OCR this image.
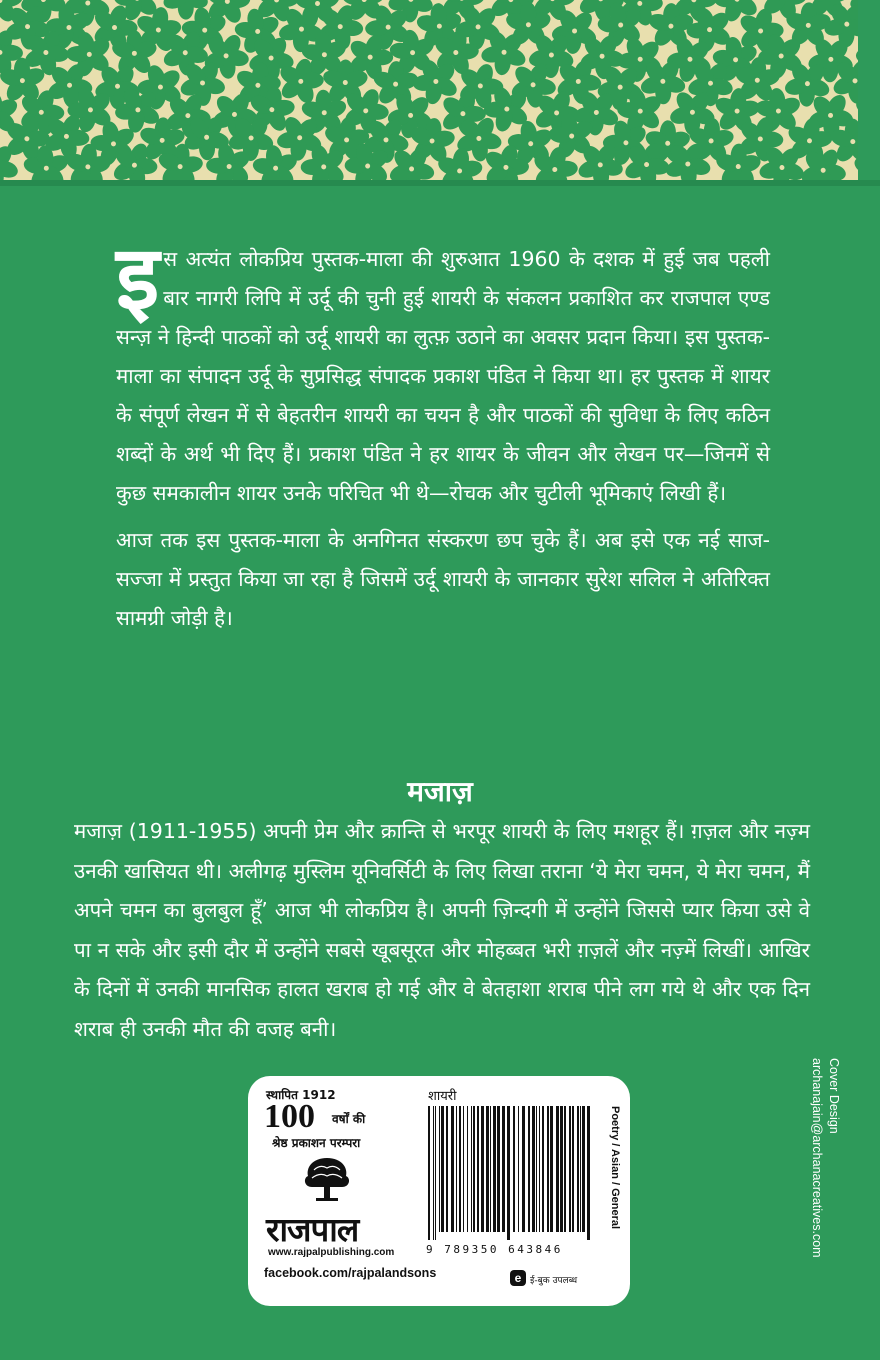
इस अत्यंत लोकप्रिय पुस्तक-माला की शुरुआत 1960 के दशक में हुई जब पहली बार नागरी लिपि में उर्दू की चुनी हुई शायरी के संकलन प्रकाशित कर राजपाल एण्ड सन्ज़ ने हिन्दी पाठकों को उर्दू शायरी का लुत्फ़ उठाने का अवसर प्रदान किया। इस पुस्तक-माला का संपादन उर्दू के सुप्रसिद्ध संपादक प्रकाश पंडित ने किया था। हर पुस्तक में शायर के संपूर्ण लेखन में से बेहतरीन शायरी का चयन है और पाठकों की सुविधा के लिए कठिन शब्दों के अर्थ भी दिए हैं। प्रकाश पंडित ने हर शायर के जीवन और लेखन पर—जिनमें से कुछ समकालीन शायर उनके परिचित भी थे—रोचक और चुटीली भूमिकाएं लिखी हैं।

आज तक इस पुस्तक-माला के अनगिनत संस्करण छप चुके हैं। अब इसे एक नई साज-सज्जा में प्रस्तुत किया जा रहा है जिसमें उर्दू शायरी के जानकार सुरेश सलिल ने अतिरिक्त सामग्री जोड़ी है।

मजाज़

मजाज़ (1911-1955) अपनी प्रेम और क्रान्ति से भरपूर शायरी के लिए मशहूर हैं। ग़ज़ल और नज़्म उनकी खासियत थी। अलीगढ़ मुस्लिम यूनिवर्सिटी के लिए लिखा तराना ‘ये मेरा चमन, ये मेरा चमन, मैं अपने चमन का बुलबुल हूँ’ आज भी लोकप्रिय है। अपनी ज़िन्दगी में उन्होंने जिससे प्यार किया उसे वे पा न सके और इसी दौर में उन्होंने सबसे खूबसूरत और मोहब्बत भरी ग़ज़लें और नज़्में लिखीं। आखिर के दिनों में उनकी मानसिक हालत खराब हो गई और वे बेतहाशा शराब पीने लग गये थे और एक दिन शराब ही उनकी मौत की वजह बनी।

Cover Design
archanajain@archanacreatives.com
स्थापित 1912
100 वर्षों की
श्रेष्ठ प्रकाशन परम्परा
राजपाल
www.rajpalpublishing.com
facebook.com/rajpalandsons
शायरी
9 789350 643846
Poetry / Asian / General
e ई-बुक उपलब्ध
